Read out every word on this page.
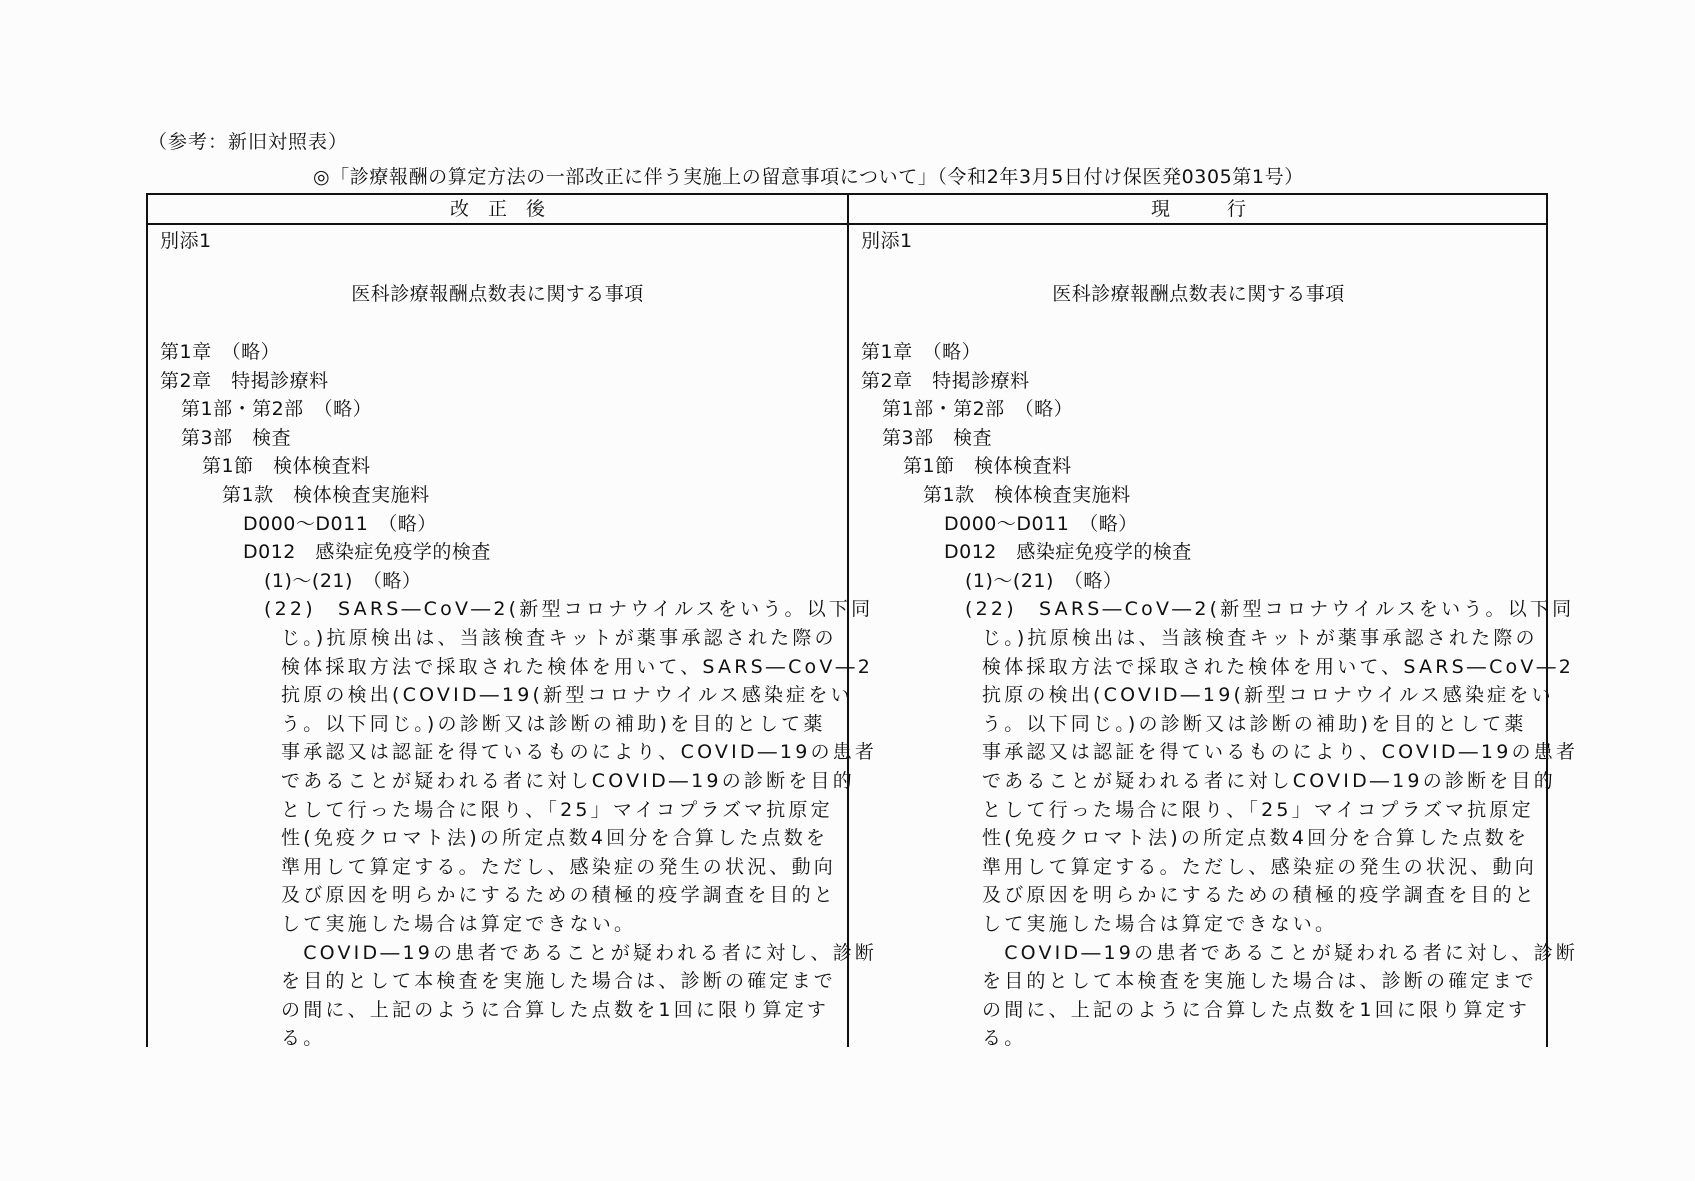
（参考：新旧対照表）
◎「診療報酬の算定方法の一部改正に伴う実施上の留意事項について」（令和2年3月5日付け保医発0305第1号）
改　正　後	現　　　行
別添1
医科診療報酬点数表に関する事項
第1章　（略）
第2章　特掲診療料
第1部・第2部　（略）
第3部　検査
第1節　検体検査料
第1款　検体検査実施料
D000～D011　（略）
D012　感染症免疫学的検査
(1)～(21)　（略）
(22)　SARS―CoV―2(新型コロナウイルスをいう。以下同
じ。)抗原検出は、当該検査キットが薬事承認された際の
検体採取方法で採取された検体を用いて、SARS―CoV―2
抗原の検出(COVID―19(新型コロナウイルス感染症をい
う。以下同じ。)の診断又は診断の補助)を目的として薬
事承認又は認証を得ているものにより、COVID―19の患者
であることが疑われる者に対しCOVID―19の診断を目的
として行った場合に限り、「25」マイコプラズマ抗原定
性(免疫クロマト法)の所定点数4回分を合算した点数を
準用して算定する。ただし、感染症の発生の状況、動向
及び原因を明らかにするための積極的疫学調査を目的と
して実施した場合は算定できない。
　COVID―19の患者であることが疑われる者に対し、診断
を目的として本検査を実施した場合は、診断の確定まで
の間に、上記のように合算した点数を1回に限り算定す
る。
別添1
医科診療報酬点数表に関する事項
第1章　（略）
第2章　特掲診療料
第1部・第2部　（略）
第3部　検査
第1節　検体検査料
第1款　検体検査実施料
D000～D011　（略）
D012　感染症免疫学的検査
(1)～(21)　（略）
(22)　SARS―CoV―2(新型コロナウイルスをいう。以下同
じ。)抗原検出は、当該検査キットが薬事承認された際の
検体採取方法で採取された検体を用いて、SARS―CoV―2
抗原の検出(COVID―19(新型コロナウイルス感染症をい
う。以下同じ。)の診断又は診断の補助)を目的として薬
事承認又は認証を得ているものにより、COVID―19の患者
であることが疑われる者に対しCOVID―19の診断を目的
として行った場合に限り、「25」マイコプラズマ抗原定
性(免疫クロマト法)の所定点数4回分を合算した点数を
準用して算定する。ただし、感染症の発生の状況、動向
及び原因を明らかにするための積極的疫学調査を目的と
して実施した場合は算定できない。
　COVID―19の患者であることが疑われる者に対し、診断
を目的として本検査を実施した場合は、診断の確定まで
の間に、上記のように合算した点数を1回に限り算定す
る。
